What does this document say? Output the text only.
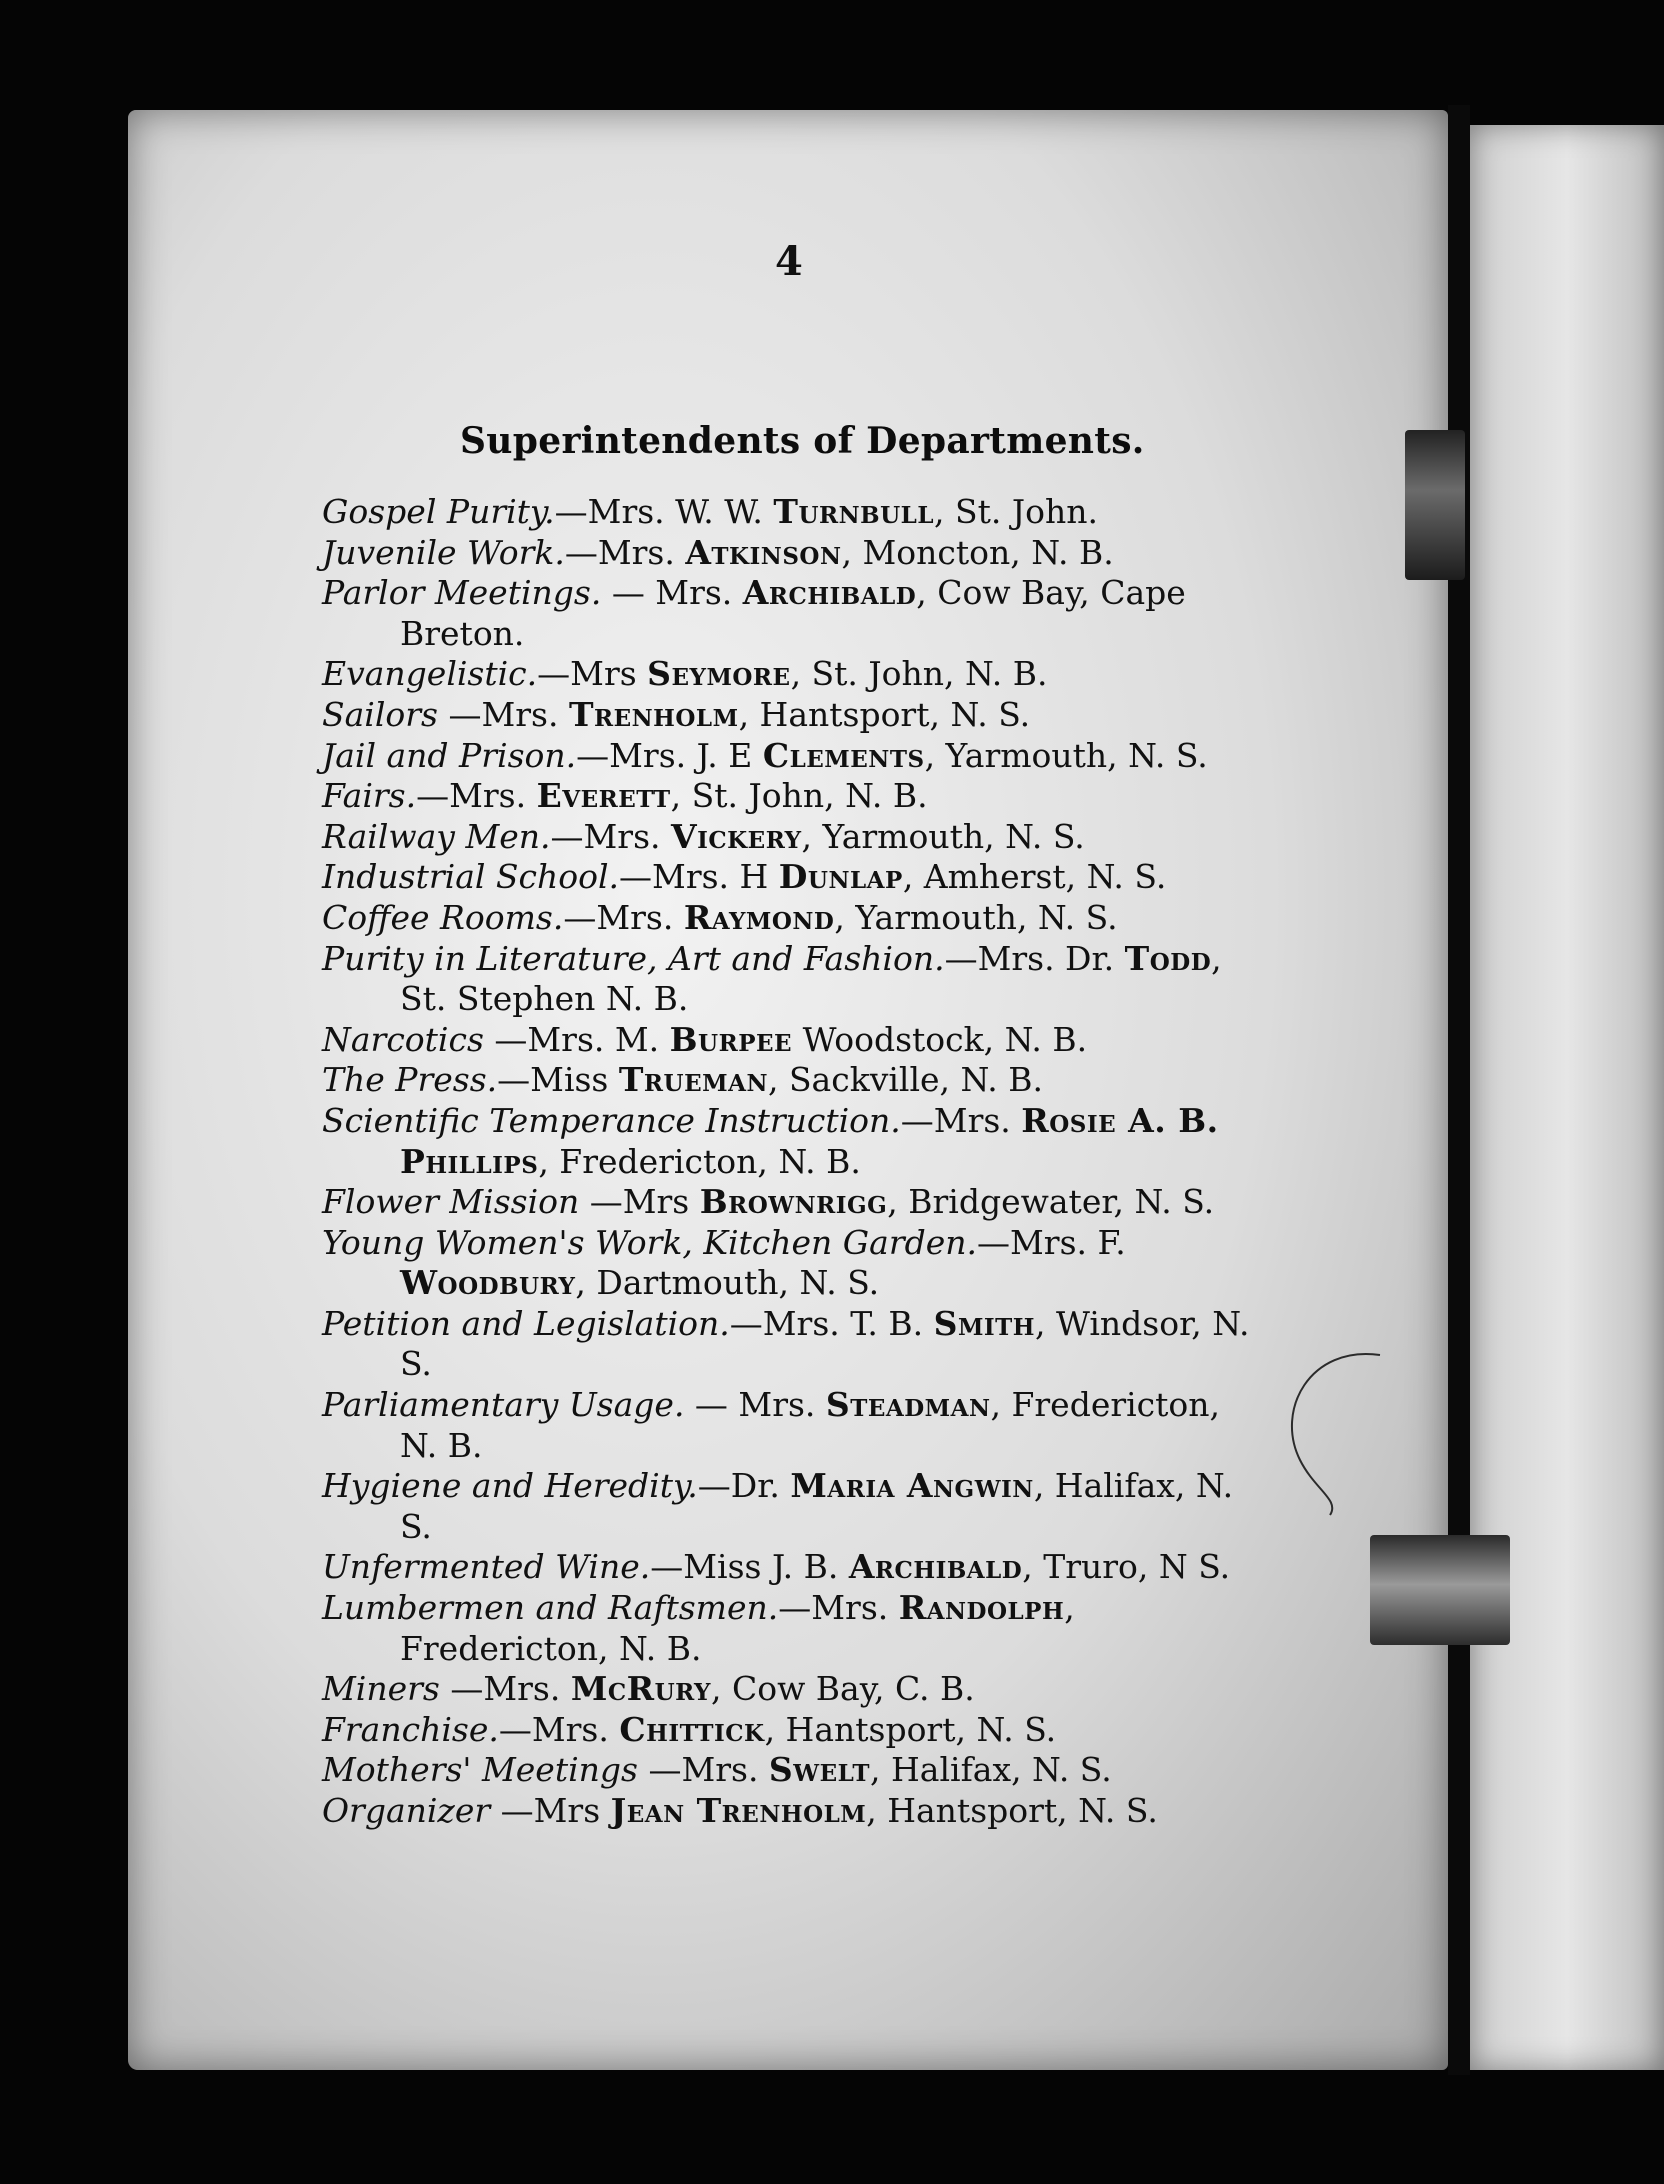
4
Superintendents of Departments.
Gospel Purity.—Mrs. W. W. Turnbull, St. John.
Juvenile Work.—Mrs. Atkinson, Moncton, N. B.
Parlor Meetings. — Mrs. Archibald, Cow Bay, Cape Breton.
Evangelistic.—Mrs Seymore, St. John, N. B.
Sailors —Mrs. Trenholm, Hantsport, N. S.
Jail and Prison.—Mrs. J. E Clements, Yarmouth, N. S.
Fairs.—Mrs. Everett, St. John, N. B.
Railway Men.—Mrs. Vickery, Yarmouth, N. S.
Industrial School.—Mrs. H Dunlap, Amherst, N. S.
Coffee Rooms.—Mrs. Raymond, Yarmouth, N. S.
Purity in Literature, Art and Fashion.—Mrs. Dr. Todd, St. Stephen N. B.
Narcotics —Mrs. M. Burpee Woodstock, N. B.
The Press.—Miss Trueman, Sackville, N. B.
Scientific Temperance Instruction.—Mrs. Rosie A. B. Phillips, Fredericton, N. B.
Flower Mission —Mrs Brownrigg, Bridgewater, N. S.
Young Women's Work, Kitchen Garden.—Mrs. F. Woodbury, Dartmouth, N. S.
Petition and Legislation.—Mrs. T. B. Smith, Windsor, N. S.
Parliamentary Usage. — Mrs. Steadman, Fredericton, N. B.
Hygiene and Heredity.—Dr. Maria Angwin, Halifax, N. S.
Unfermented Wine.—Miss J. B. Archibald, Truro, N S.
Lumbermen and Raftsmen.—Mrs. Randolph, Fredericton, N. B.
Miners —Mrs. McRury, Cow Bay, C. B.
Franchise.—Mrs. Chittick, Hantsport, N. S.
Mothers' Meetings —Mrs. Swelt, Halifax, N. S.
Organizer —Mrs Jean Trenholm, Hantsport, N. S.
